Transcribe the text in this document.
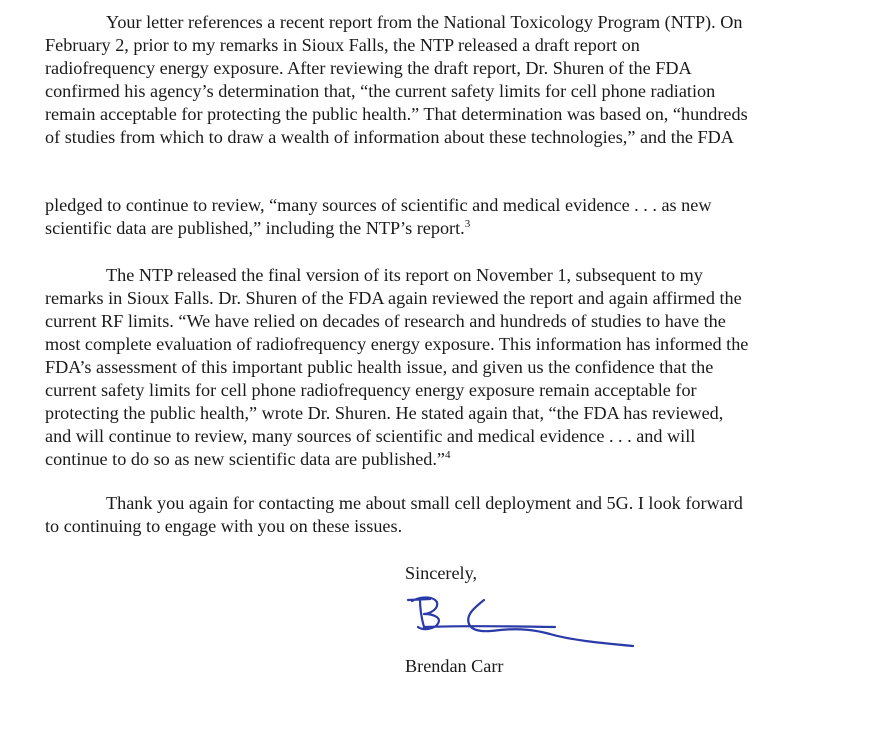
Your letter references a recent report from the National Toxicology Program (NTP). On
February 2, prior to my remarks in Sioux Falls, the NTP released a draft report on
radiofrequency energy exposure. After reviewing the draft report, Dr. Shuren of the FDA
confirmed his agency’s determination that, “the current safety limits for cell phone radiation
remain acceptable for protecting the public health.” That determination was based on, “hundreds
of studies from which to draw a wealth of information about these technologies,” and the FDA
pledged to continue to review, “many sources of scientific and medical evidence . . . as new
scientific data are published,” including the NTP’s report.$^3$
The NTP released the final version of its report on November 1, subsequent to my
remarks in Sioux Falls. Dr. Shuren of the FDA again reviewed the report and again affirmed the
current RF limits. “We have relied on decades of research and hundreds of studies to have the
most complete evaluation of radiofrequency energy exposure. This information has informed the
FDA’s assessment of this important public health issue, and given us the confidence that the
current safety limits for cell phone radiofrequency energy exposure remain acceptable for
protecting the public health,” wrote Dr. Shuren. He stated again that, “the FDA has reviewed,
and will continue to review, many sources of scientific and medical evidence . . . and will
continue to do so as new scientific data are published.”$^4$
Thank you again for contacting me about small cell deployment and 5G. I look forward
to continuing to engage with you on these issues.
Sincerely,
Brendan Carr
